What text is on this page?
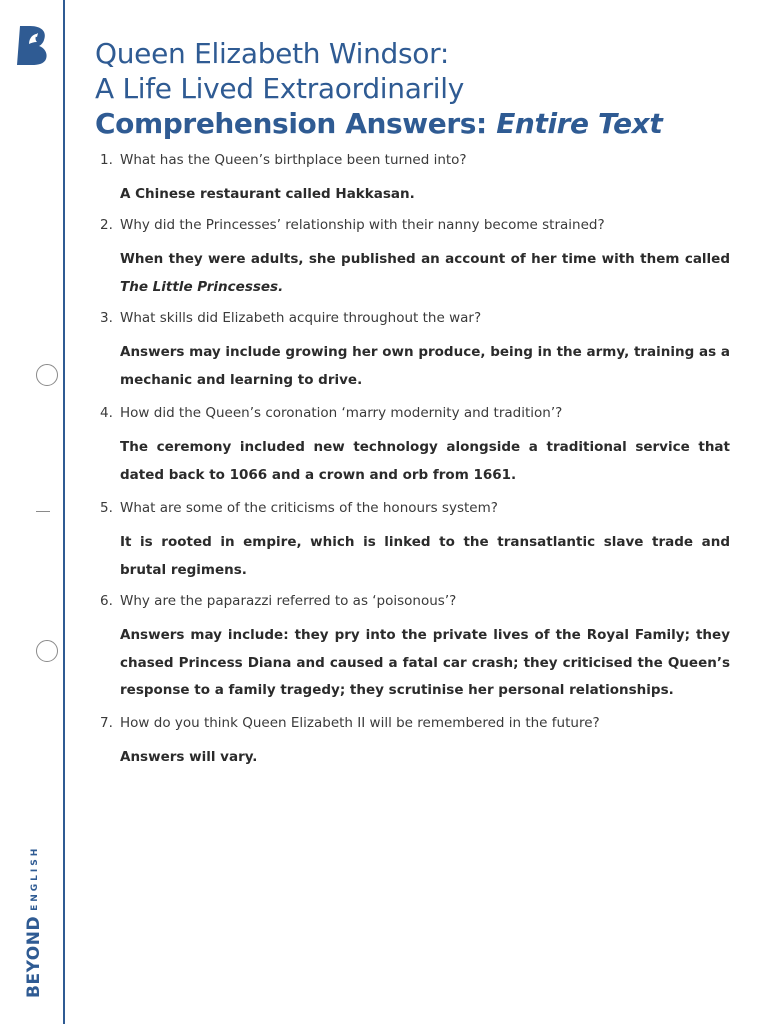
BEYONDENGLISH
Queen Elizabeth Windsor:
A Life Lived Extraordinarily
Comprehension Answers: Entire Text
1. What has the Queen’s birthplace been turned into?
A Chinese restaurant called Hakkasan.
2. Why did the Princesses’ relationship with their nanny become strained?
When they were adults, she published an account of her time with them called The Little Princesses.
3. What skills did Elizabeth acquire throughout the war?
Answers may include growing her own produce, being in the army, training as a mechanic and learning to drive.
4. How did the Queen’s coronation ‘marry modernity and tradition’?
The ceremony included new technology alongside a traditional service that dated back to 1066 and a crown and orb from 1661.
5. What are some of the criticisms of the honours system?
It is rooted in empire, which is linked to the transatlantic slave trade and brutal regimens.
6. Why are the paparazzi referred to as ‘poisonous’?
Answers may include: they pry into the private lives of the Royal Family; they chased Princess Diana and caused a fatal car crash; they criticised the Queen’s response to a family tragedy; they scrutinise her personal relationships.
7. How do you think Queen Elizabeth II will be remembered in the future?
Answers will vary.
